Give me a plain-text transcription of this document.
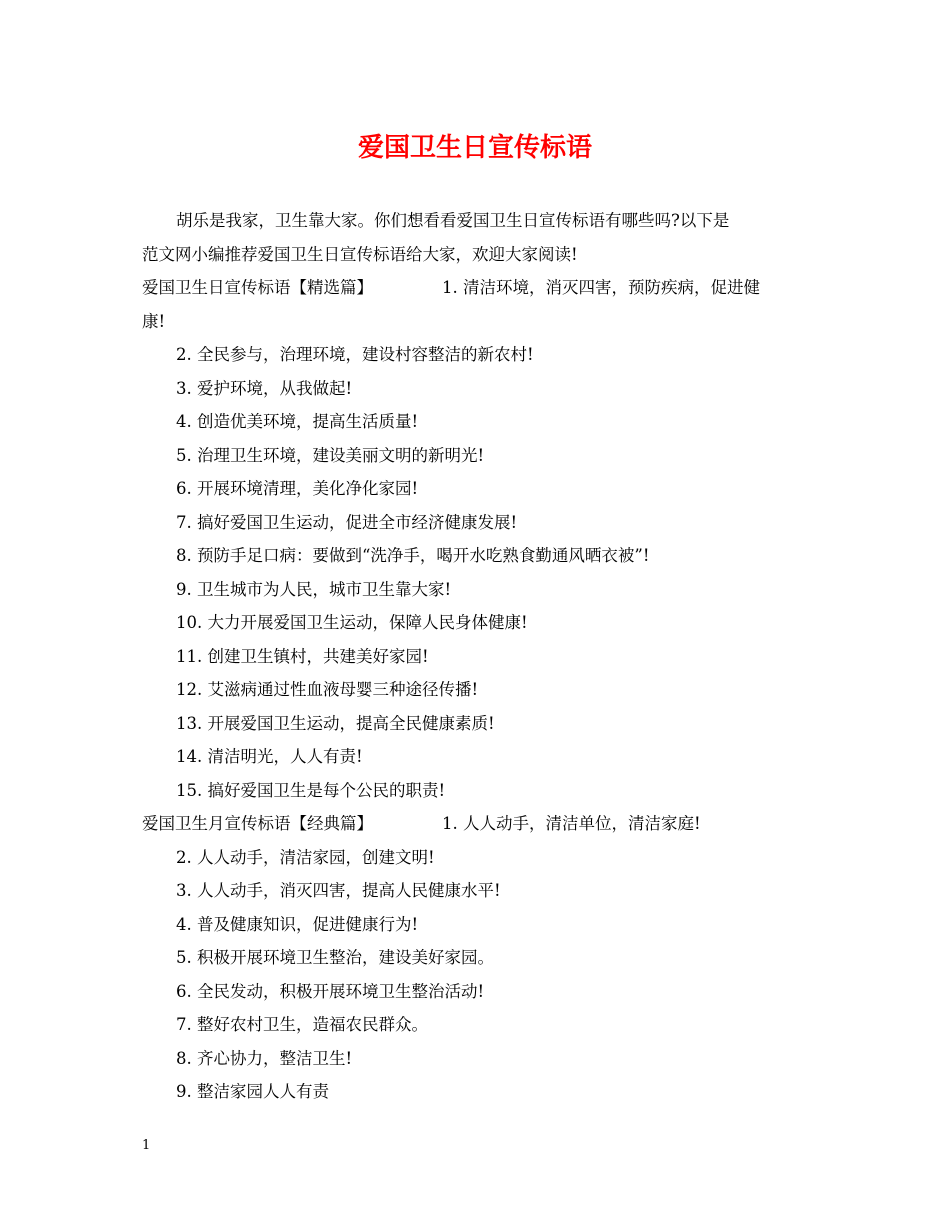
爱国卫生日宣传标语
胡乐是我家，卫生靠大家。你们想看看爱国卫生日宣传标语有哪些吗?以下是
范文网小编推荐爱国卫生日宣传标语给大家，欢迎大家阅读!
爱国卫生日宣传标语【精选篇】	1. 清洁环境，消灭四害，预防疾病，促进健
康!
2. 全民参与，治理环境，建设村容整洁的新农村!
3. 爱护环境，从我做起!
4. 创造优美环境，提高生活质量!
5. 治理卫生环境，建设美丽文明的新明光!
6. 开展环境清理，美化净化家园!
7. 搞好爱国卫生运动，促进全市经济健康发展!
8. 预防手足口病：要做到“洗净手，喝开水吃熟食勤通风晒衣被”!
9. 卫生城市为人民，城市卫生靠大家!
10. 大力开展爱国卫生运动，保障人民身体健康!
11. 创建卫生镇村，共建美好家园!
12. 艾滋病通过性血液母婴三种途径传播!
13. 开展爱国卫生运动，提高全民健康素质!
14. 清洁明光，人人有责!
15. 搞好爱国卫生是每个公民的职责!
爱国卫生月宣传标语【经典篇】	1. 人人动手，清洁单位，清洁家庭!
2. 人人动手，清洁家园，创建文明!
3. 人人动手，消灭四害，提高人民健康水平!
4. 普及健康知识，促进健康行为!
5. 积极开展环境卫生整治，建设美好家园。
6. 全民发动，积极开展环境卫生整治活动!
7. 整好农村卫生，造福农民群众。
8. 齐心协力，整洁卫生!
9. 整洁家园人人有责
1
